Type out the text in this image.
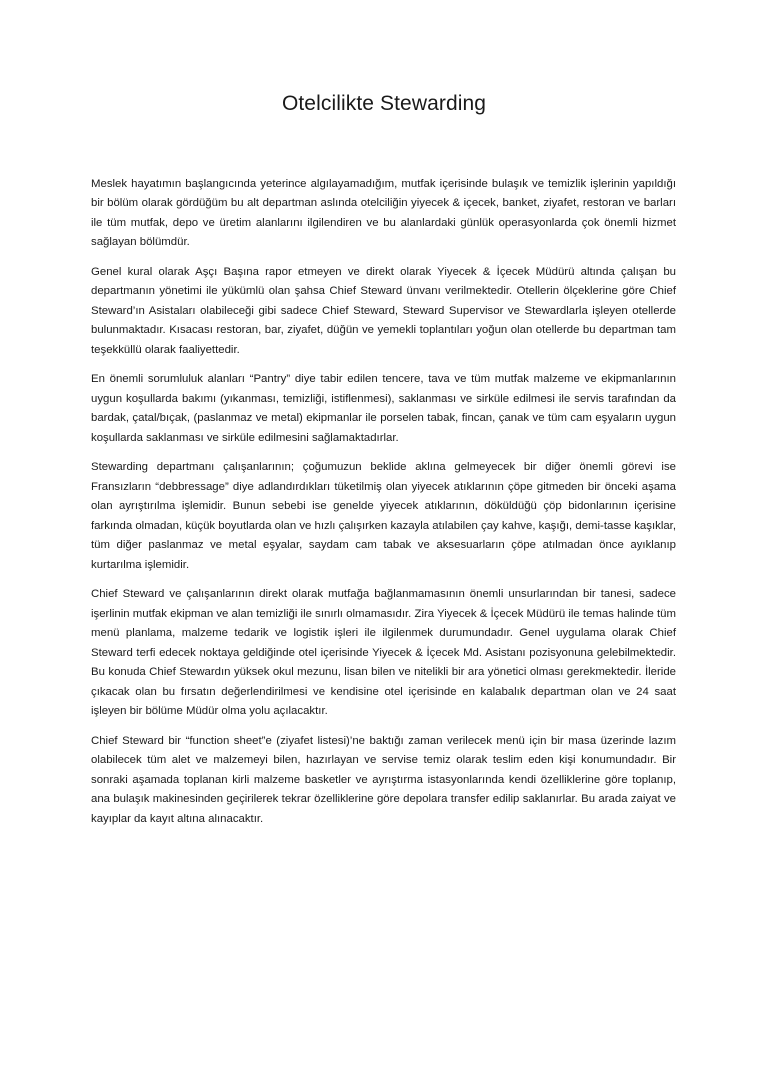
Otelcilikte Stewarding

Meslek hayatımın başlangıcında yeterince algılayamadığım, mutfak içerisinde bulaşık ve temizlik işlerinin yapıldığı bir bölüm olarak gördüğüm bu alt departman aslında otelciliğin yiyecek & içecek, banket, ziyafet, restoran ve barları ile tüm mutfak, depo ve üretim alanlarını ilgilendiren ve bu alanlardaki günlük operasyonlarda çok önemli hizmet sağlayan bölümdür.

Genel kural olarak Aşçı Başına rapor etmeyen ve direkt olarak Yiyecek & İçecek Müdürü altında çalışan bu departmanın yönetimi ile yükümlü olan şahsa Chief Steward ünvanı verilmektedir. Otellerin ölçeklerine göre Chief Steward’ın Asistaları olabileceği gibi sadece Chief Steward, Steward Supervisor ve Stewardlarla işleyen otellerde bulunmaktadır. Kısacası restoran, bar, ziyafet, düğün ve yemekli toplantıları yoğun olan otellerde bu departman tam teşekküllü olarak faaliyettedir.

En önemli sorumluluk alanları “Pantry” diye tabir edilen tencere, tava ve tüm mutfak malzeme ve ekipmanlarının uygun koşullarda bakımı (yıkanması, temizliği, istiflenmesi), saklanması ve sirküle edilmesi ile servis tarafından da bardak, çatal/bıçak, (paslanmaz ve metal) ekipmanlar ile porselen tabak, fincan, çanak ve tüm cam eşyaların uygun koşullarda saklanması ve sirküle edilmesini sağlamaktadırlar.

Stewarding departmanı çalışanlarının; çoğumuzun beklide aklına gelmeyecek bir diğer önemli görevi ise Fransızların “debbressage” diye adlandırdıkları tüketilmiş olan yiyecek atıklarının çöpe gitmeden bir önceki aşama olan ayrıştırılma işlemidir. Bunun sebebi ise genelde yiyecek atıklarının, döküldüğü çöp bidonlarının içerisine farkında olmadan, küçük boyutlarda olan ve hızlı çalışırken kazayla atılabilen çay kahve, kaşığı, demi-tasse kaşıklar, tüm diğer paslanmaz ve metal eşyalar, saydam cam tabak ve aksesuarların çöpe atılmadan önce ayıklanıp kurtarılma işlemidir.

Chief Steward ve çalışanlarının direkt olarak mutfağa bağlanmamasının önemli unsurlarından bir tanesi, sadece işerlinin mutfak ekipman ve alan temizliği ile sınırlı olmamasıdır. Zira Yiyecek & İçecek Müdürü ile temas halinde tüm menü planlama, malzeme tedarik ve logistik işleri ile ilgilenmek durumundadır. Genel uygulama olarak Chief Steward terfi edecek noktaya geldiğinde otel içerisinde Yiyecek & İçecek Md. Asistanı pozisyonuna gelebilmektedir. Bu konuda Chief Stewardın yüksek okul mezunu, lisan bilen ve nitelikli bir ara yönetici olması gerekmektedir. İleride çıkacak olan bu fırsatın değerlendirilmesi ve kendisine otel içerisinde en kalabalık departman olan ve 24 saat işleyen bir bölüme Müdür olma yolu açılacaktır.

Chief Steward bir “function sheet”e (ziyafet listesi)’ne baktığı zaman verilecek menü için bir masa üzerinde lazım olabilecek tüm alet ve malzemeyi bilen, hazırlayan ve servise temiz olarak teslim eden kişi konumundadır. Bir sonraki aşamada toplanan kirli malzeme basketler ve ayrıştırma istasyonlarında kendi özelliklerine göre toplanıp, ana bulaşık makinesinden geçirilerek tekrar özelliklerine göre depolara transfer edilip saklanırlar. Bu arada zaiyat ve kayıplar da kayıt altına alınacaktır.
